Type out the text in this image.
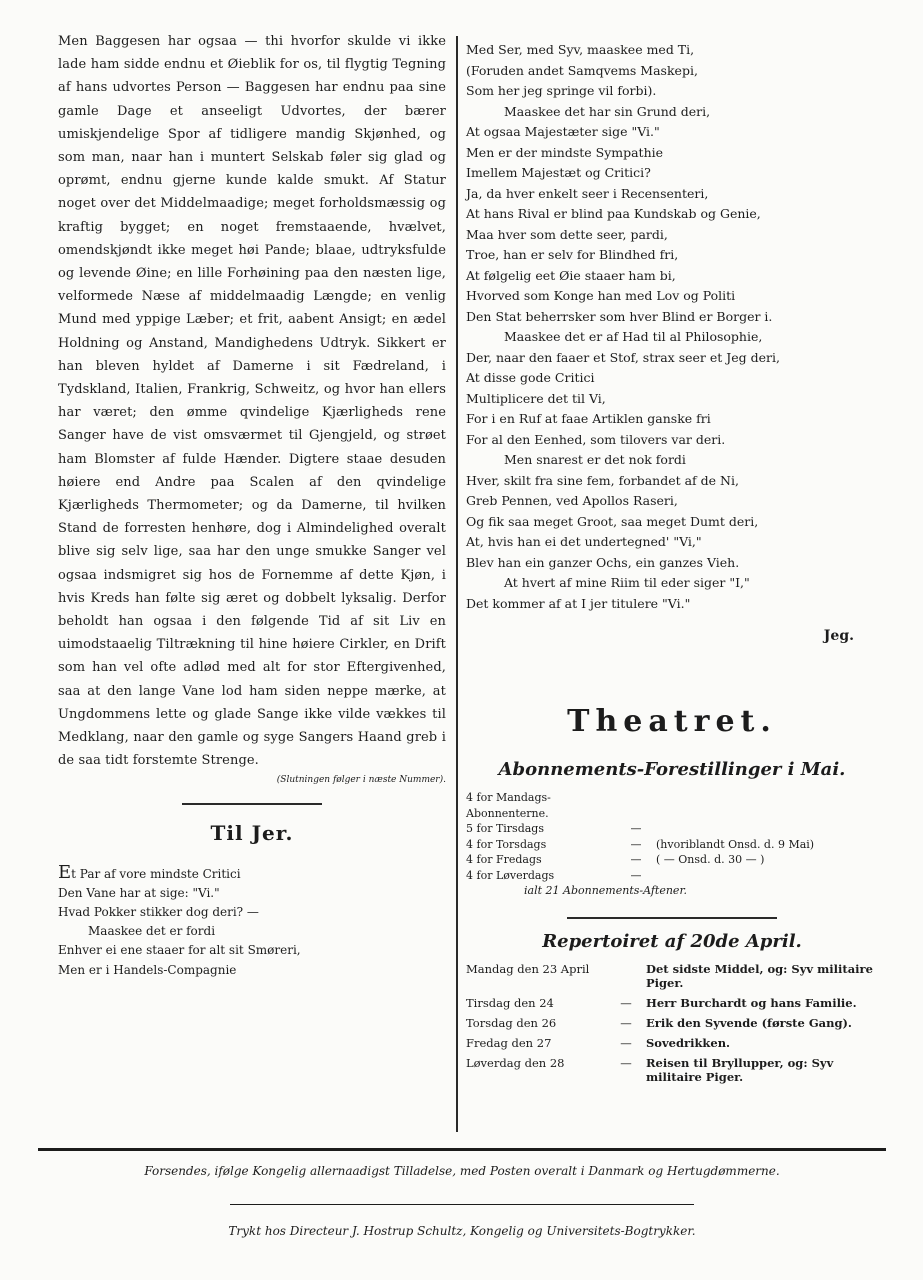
Men Baggesen har ogsaa — thi hvorfor skulde vi ikke lade ham sidde endnu et Øieblik for os, til flygtig Tegning af hans udvortes Person — Baggesen har endnu paa sine gamle Dage et anseeligt Udvortes, der bærer umiskjendelige Spor af tidligere mandig Skjønhed, og som man, naar han i muntert Selskab føler sig glad og oprømt, endnu gjerne kunde kalde smukt. Af Statur noget over det Middelmaadige; meget forholdsmæssig og kraftig bygget; en noget fremstaaende, hvælvet, omendskjøndt ikke meget høi Pande; blaae, udtryksfulde og levende Øine; en lille Forhøining paa den næsten lige, velformede Næse af middelmaadig Længde; en venlig Mund med yppige Læber; et frit, aabent Ansigt; en ædel Holdning og Anstand, Mandighedens Udtryk. Sikkert er han bleven hyldet af Damerne i sit Fædreland, i Tydskland, Italien, Frankrig, Schweitz, og hvor han ellers har været; den ømme qvindelige Kjærligheds rene Sanger have de vist omsværmet til Gjengjeld, og strøet ham Blomster af fulde Hænder. Digtere staae desuden høiere end Andre paa Scalen af den qvindelige Kjærligheds Thermometer; og da Damerne, til hvilken Stand de forresten henhøre, dog i Almindelighed overalt blive sig selv lige, saa har den unge smukke Sanger vel ogsaa indsmigret sig hos de Fornemme af dette Kjøn, i hvis Kreds han følte sig æret og dobbelt lyksalig. Derfor beholdt han ogsaa i den følgende Tid af sit Liv en uimodstaaelig Tiltrækning til hine høiere Cirkler, en Drift som han vel ofte adlød med alt for stor Eftergivenhed, saa at den lange Vane lod ham siden neppe mærke, at Ungdommens lette og glade Sange ikke vilde vækkes til Medklang, naar den gamle og syge Sangers Haand greb i de saa tidt forstemte Strenge.

(Slutningen følger i næste Nummer).
Til Jer.

Et Par af vore mindste Critici

Den Vane har at sige: "Vi."

Hvad Pokker stikker dog deri? —

Maaskee det er fordi

Enhver ei ene staaer for alt sit Smøreri,

Men er i Handels-Compagnie

Med Ser, med Syv, maaskee med Ti,

(Foruden andet Samqvems Maskepi,

Som her jeg springe vil forbi).

Maaskee det har sin Grund deri,

At ogsaa Majestæter sige "Vi."

Men er der mindste Sympathie

Imellem Majestæt og Critici?

Ja, da hver enkelt seer i Recensenteri,

At hans Rival er blind paa Kundskab og Genie,

Maa hver som dette seer, pardi,

Troe, han er selv for Blindhed fri,

At følgelig eet Øie staaer ham bi,

Hvorved som Konge han med Lov og Politi

Den Stat beherrsker som hver Blind er Borger i.

Maaskee det er af Had til al Philosophie,

Der, naar den faaer et Stof, strax seer et Jeg deri,

At disse gode Critici

Multiplicere det til Vi,

For i en Ruf at faae Artiklen ganske fri

For al den Eenhed, som tilovers var deri.

Men snarest er det nok fordi

Hver, skilt fra sine fem, forbandet af de Ni,

Greb Pennen, ved Apollos Raseri,

Og fik saa meget Groot, saa meget Dumt deri,

At, hvis han ei det undertegned' "Vi,"

Blev han ein ganzer Ochs, ein ganzes Vieh.

At hvert af mine Riim til eder siger "I,"

Det kommer af at I jer titulere "Vi."

Jeg.
Theatret.
Abonnements-Forestillinger i Mai.
4 for Mandags-Abonnenterne.
5 for Tirsdags	—
4 for Torsdags	—	(hvoriblandt Onsd. d. 9 Mai)
4 for Fredags	—	( — Onsd. d. 30 — )
4 for Løverdags	—
ialt 21 Abonnements-Aftener.
Repertoiret af 20de April.
Mandag den 23 April	Det sidste Middel, og: Syv militaire Piger.
Tirsdag den 24	—	Herr Burchardt og hans Familie.
Torsdag den 26	—	Erik den Syvende (første Gang).
Fredag den 27	—	Sovedrikken.
Løverdag den 28	—	Reisen til Bryllupper, og: Syv militaire Piger.
Forsendes, ifølge Kongelig allernaadigst Tilladelse, med Posten overalt i Danmark og Hertugdømmerne.
Trykt hos Directeur J. Hostrup Schultz, Kongelig og Universitets-Bogtrykker.
